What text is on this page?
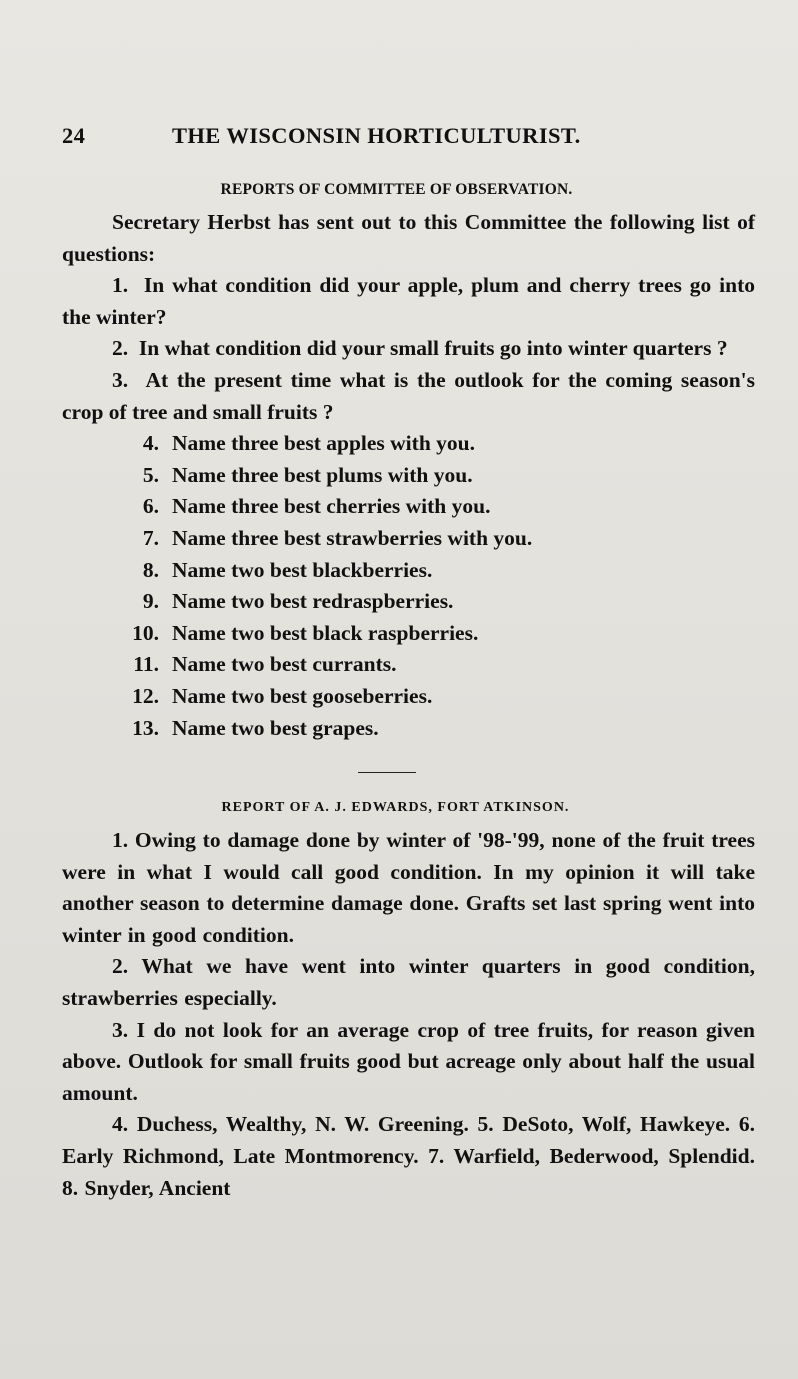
24	THE WISCONSIN HORTICULTURIST.
REPORTS OF COMMITTEE OF OBSERVATION.

Secretary Herbst has sent out to this Committee the following list of questions:

1. In what condition did your apple, plum and cherry trees go into the winter?

2. In what condition did your small fruits go into winter quarters ?

3. At the present time what is the outlook for the coming season's crop of tree and small fruits ?

4. Name three best apples with you.
5. Name three best plums with you.
6. Name three best cherries with you.
7. Name three best strawberries with you.
8. Name two best blackberries.
9. Name two best redraspberries.
10. Name two best black raspberries.
11. Name two best currants.
12. Name two best gooseberries.
13. Name two best grapes.
REPORT OF A. J. EDWARDS, FORT ATKINSON.

1. Owing to damage done by winter of '98-'99, none of the fruit trees were in what I would call good condition. In my opinion it will take another season to determine damage done. Grafts set last spring went into winter in good condition.

2. What we have went into winter quarters in good condition, strawberries especially.

3. I do not look for an average crop of tree fruits, for reason given above. Outlook for small fruits good but acreage only about half the usual amount.

4. Duchess, Wealthy, N. W. Greening. 5. DeSoto, Wolf, Hawkeye. 6. Early Richmond, Late Montmorency. 7. Warfield, Bederwood, Splendid. 8. Snyder, Ancient
